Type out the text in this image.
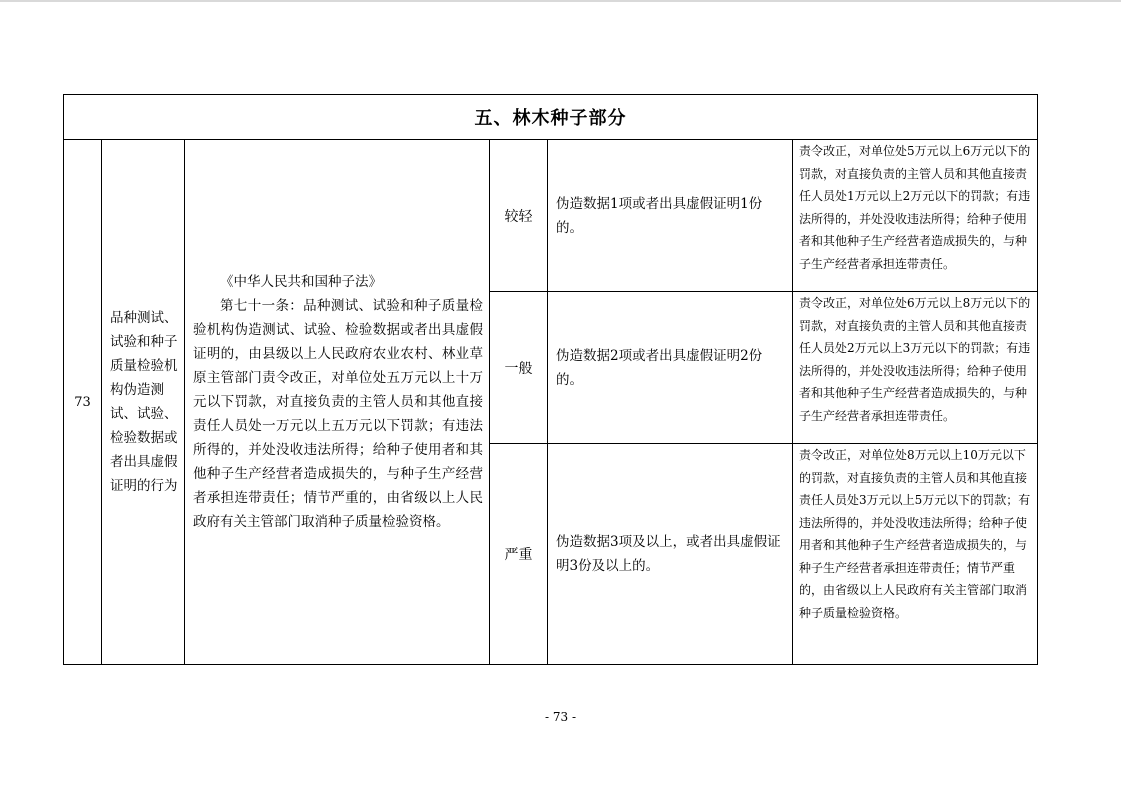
五、林木种子部分					
73	品种测试、试验和种子质量检验机构伪造测试、试验、检验数据或者出具虚假证明的行为	《中华人民共和国种子法》
第七十一条：品种测试、试验和种子质量检验机构伪造测试、试验、检验数据或者出具虚假证明的，由县级以上人民政府农业农村、林业草原主管部门责令改正，对单位处五万元以上十万元以下罚款，对直接负责的主管人员和其他直接责任人员处一万元以上五万元以下罚款；有违法所得的，并处没收违法所得；给种子使用者和其他种子生产经营者造成损失的，与种子生产经营者承担连带责任；情节严重的，由省级以上人民政府有关主管部门取消种子质量检验资格。	较轻	伪造数据1项或者出具虚假证明1份的。	责令改正，对单位处5万元以上6万元以下的罚款，对直接负责的主管人员和其他直接责任人员处1万元以上2万元以下的罚款；有违法所得的，并处没收违法所得；给种子使用者和其他种子生产经营者造成损失的，与种子生产经营者承担连带责任。
			一般	伪造数据2项或者出具虚假证明2份的。	责令改正，对单位处6万元以上8万元以下的罚款，对直接负责的主管人员和其他直接责任人员处2万元以上3万元以下的罚款；有违法所得的，并处没收违法所得；给种子使用者和其他种子生产经营者造成损失的，与种子生产经营者承担连带责任。
			严重	伪造数据3项及以上，或者出具虚假证明3份及以上的。	责令改正，对单位处8万元以上10万元以下的罚款，对直接负责的主管人员和其他直接责任人员处3万元以上5万元以下的罚款；有违法所得的，并处没收违法所得；给种子使用者和其他种子生产经营者造成损失的，与种子生产经营者承担连带责任；情节严重的，由省级以上人民政府有关主管部门取消种子质量检验资格。
- 73 -
